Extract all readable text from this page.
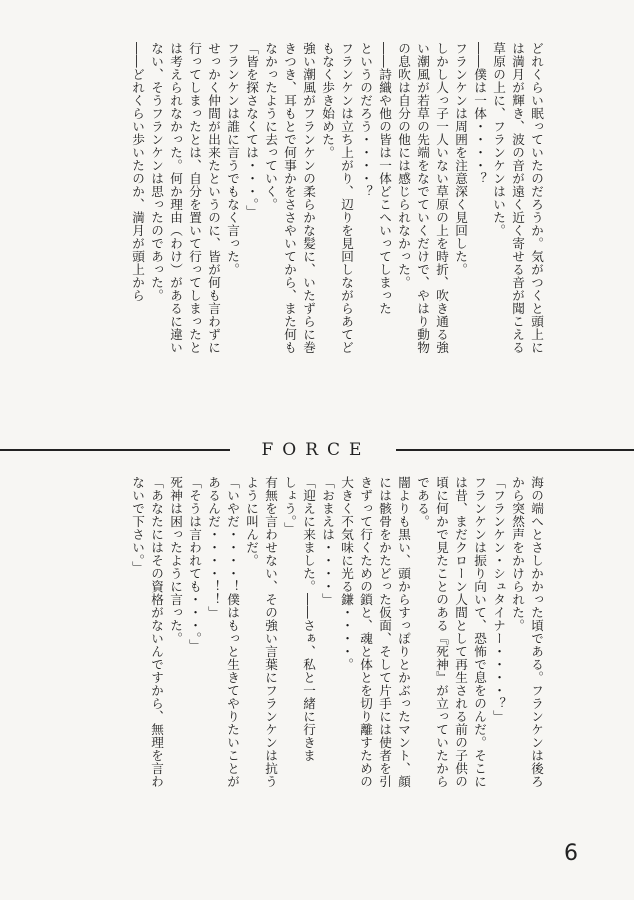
どれくらい眠っていたのだろうか。気がつくと頭上に
は満月が輝き、波の音が遠く近く寄せる音が聞こえる
草原の上に、フランケンはいた。
――僕は一体・・・・？
フランケンは周囲を注意深く見回した。
しかし人っ子一人いない草原の上を時折、吹き通る強
い潮風が若草の先端をなでていくだけで、やはり動物
の息吹は自分の他には感じられなかった。
――詩織や他の皆は一体どこへいってしまった
というのだろう・・・・？
フランケンは立ち上がり、辺りを見回しながらあてど
もなく歩き始めた。
強い潮風がフランケンの柔らかな髪に、いたずらに巻
きつき、耳もとで何事かをささやいてから、また何も
なかったように去っていく。
「皆を探さなくては・・・。」
フランケンは誰に言うでもなく言った。
せっかく仲間が出来たというのに、皆が何も言わずに
行ってしまったとは、自分を置いて行ってしまったと
は考えられなかった。何か理由（わけ）があるに違い
ない、そうフランケンは思ったのであった。
――どれくらい歩いたのか、満月が頭上から
FORCE
海の端へとさしかかった頃である。フランケンは後ろ
から突然声をかけられた。
「フランケン・シュタイナー・・・・？」
フランケンは振り向いて、恐怖で息をのんだ。そこに
は昔、まだクローン人間として再生される前の子供の
頃に何かで見たことのある『死神』が立っていたから
である。
闇よりも黒い、頭からすっぽりとかぶったマント、顔
には骸骨をかたどった仮面、そして片手には使者を引
きずって行くための鎖と、魂と体とを切り離すための
大きく不気味に光る鎌・・・・。
「おまえは・・・・」
「迎えに来ました。――さぁ、私と一緒に行きま
しょう。」
有無を言わせない、その強い言葉にフランケンは抗う
ように叫んだ。
「いやだ・・・・！僕はもっと生きてやりたいことが
あるんだ・・・・！！」
「そうは言われても・・・。」
死神は困ったように言った。
「あなたにはその資格がないんですから、無理を言わ
ないで下さい。」
6
